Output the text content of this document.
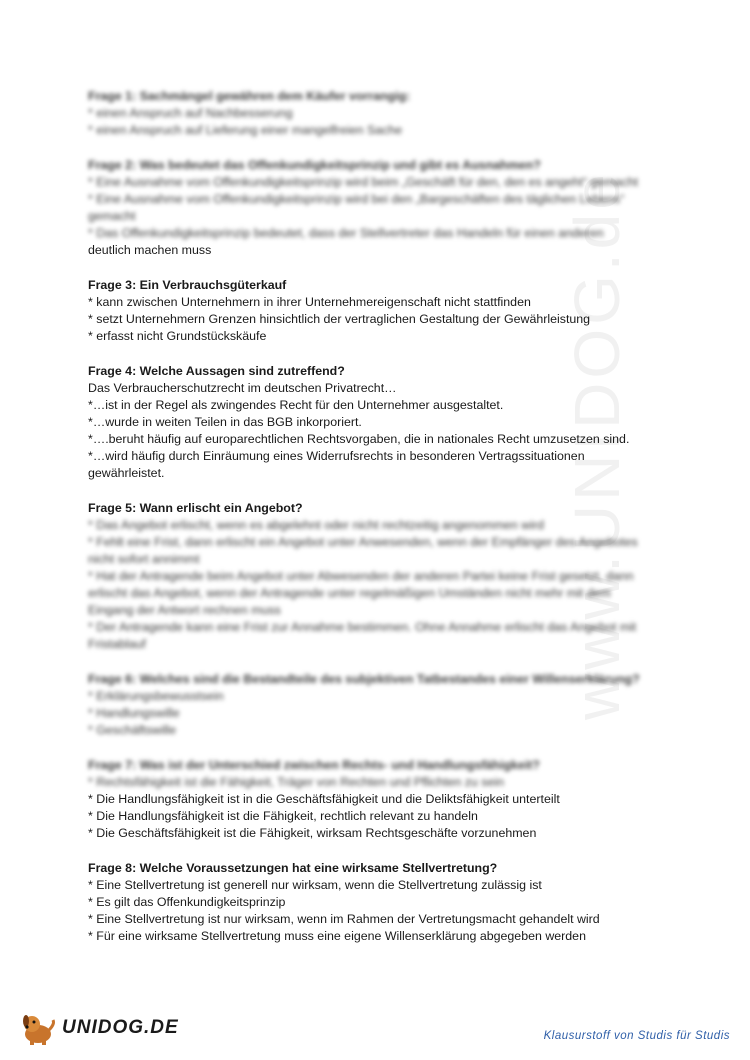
www.UNIDOG.de
Frage 1: Sachmängel gewähren dem Käufer vorrangig:
* einen Anspruch auf Nachbesserung
* einen Anspruch auf Lieferung einer mangelfreien Sache
Frage 2: Was bedeutet das Offenkundigkeitsprinzip und gibt es Ausnahmen?
* Eine Ausnahme vom Offenkundigkeitsprinzip wird beim „Geschäft für den, den es angeht“ gemacht
* Eine Ausnahme vom Offenkundigkeitsprinzip wird bei den „Bargeschäften des täglichen Lebens“
gemacht
* Das Offenkundigkeitsprinzip bedeutet, dass der Stellvertreter das Handeln für einen anderen
deutlich machen muss
Frage 3: Ein Verbrauchsgüterkauf
* kann zwischen Unternehmern in ihrer Unternehmereigenschaft nicht stattfinden
* setzt Unternehmern Grenzen hinsichtlich der vertraglichen Gestaltung der Gewährleistung
* erfasst nicht Grundstückskäufe
Frage 4: Welche Aussagen sind zutreffend?
Das Verbraucherschutzrecht im deutschen Privatrecht…
*…ist in der Regel als zwingendes Recht für den Unternehmer ausgestaltet.
*…wurde in weiten Teilen in das BGB inkorporiert.
*….beruht häufig auf europarechtlichen Rechtsvorgaben, die in nationales Recht umzusetzen sind.
*…wird häufig durch Einräumung eines Widerrufsrechts in besonderen Vertragssituationen
gewährleistet.
Frage 5: Wann erlischt ein Angebot?
* Das Angebot erlischt, wenn es abgelehnt oder nicht rechtzeitig angenommen wird
* Fehlt eine Frist, dann erlischt ein Angebot unter Anwesenden, wenn der Empfänger des Angebotes
nicht sofort annimmt
* Hat der Antragende beim Angebot unter Abwesenden der anderen Partei keine Frist gesetzt, dann
erlischt das Angebot, wenn der Antragende unter regelmäßigen Umständen nicht mehr mit dem
Eingang der Antwort rechnen muss
* Der Antragende kann eine Frist zur Annahme bestimmen. Ohne Annahme erlischt das Angebot mit
Fristablauf
Frage 6: Welches sind die Bestandteile des subjektiven Tatbestandes einer Willenserklärung?
* Erklärungsbewusstsein
* Handlungswille
* Geschäftswille
Frage 7: Was ist der Unterschied zwischen Rechts- und Handlungsfähigkeit?
* Rechtsfähigkeit ist die Fähigkeit, Träger von Rechten und Pflichten zu sein
* Die Handlungsfähigkeit ist in die Geschäftsfähigkeit und die Deliktsfähigkeit unterteilt
* Die Handlungsfähigkeit ist die Fähigkeit, rechtlich relevant zu handeln
* Die Geschäftsfähigkeit ist die Fähigkeit, wirksam Rechtsgeschäfte vorzunehmen
Frage 8: Welche Voraussetzungen hat eine wirksame Stellvertretung?
* Eine Stellvertretung ist generell nur wirksam, wenn die Stellvertretung zulässig ist
* Es gilt das Offenkundigkeitsprinzip
* Eine Stellvertretung ist nur wirksam, wenn im Rahmen der Vertretungsmacht gehandelt wird
* Für eine wirksame Stellvertretung muss eine eigene Willenserklärung abgegeben werden
UNIDOG.DE	Klausurstoff von Studis für Studis
